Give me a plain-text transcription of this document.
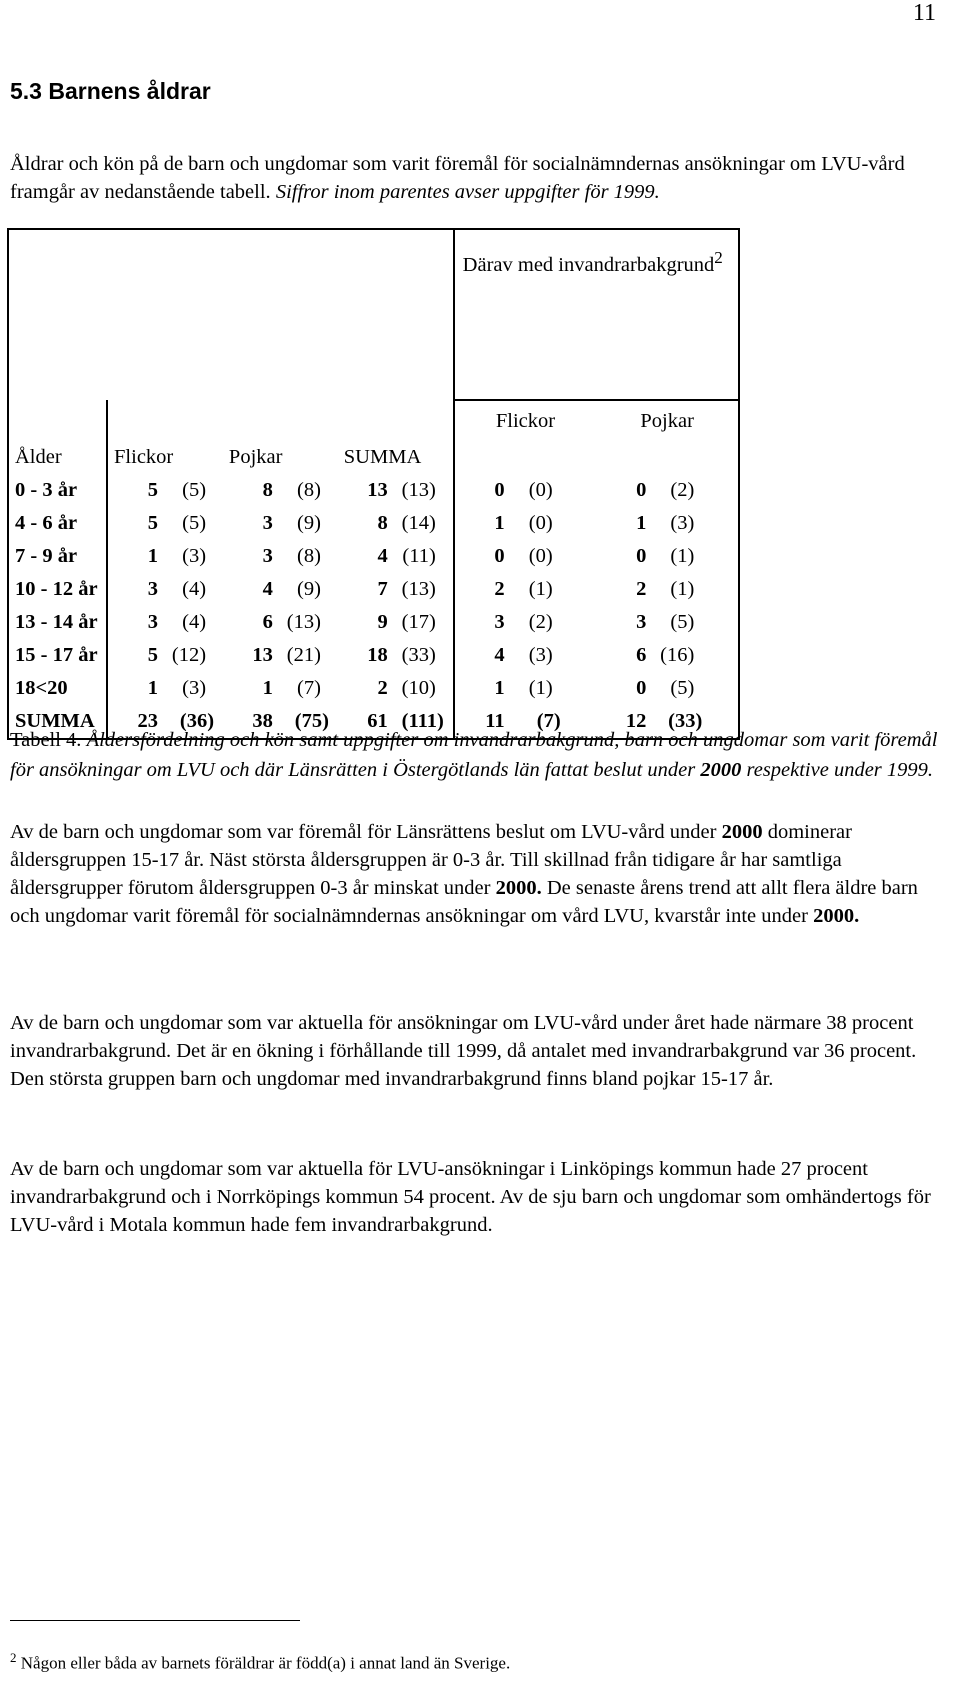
11
5.3 Barnens åldrar

Åldrar och kön på de barn och ungdomar som varit föremål för socialnämndernas ansökningar om LVU-vård framgår av nedanstående tabell. Siffror inom parentes avser uppgifter för 1999.

				Därav med invandrarbakgrund$^2$
				Flickor	Pojkar
Ålder	Flickor	Pojkar	SUMMA		
0 - 3 år	5 (5)	8 (8)	13 (13)	0 (0)	0 (2)
4 - 6 år	5 (5)	3 (9)	8 (14)	1 (0)	1 (3)
7 - 9 år	1 (3)	3 (8)	4 (11)	0 (0)	0 (1)
10 - 12 år	3 (4)	4 (9)	7 (13)	2 (1)	2 (1)
13 - 14 år	3 (4)	6 (13)	9 (17)	3 (2)	3 (5)
15 - 17 år	5 (12)	13 (21)	18 (33)	4 (3)	6 (16)
18<20	1 (3)	1 (7)	2 (10)	1 (1)	0 (5)
SUMMA	23 (36)	38 (75)	61 (111)	11 (7)	12 (33)

Tabell 4. Åldersfördelning och kön samt uppgifter om invandrarbakgrund, barn och ungdomar som varit föremål för ansökningar om LVU och där Länsrätten i Östergötlands län fattat beslut under 2000 respektive under 1999.

Av de barn och ungdomar som var föremål för Länsrättens beslut om LVU-vård under 2000 dominerar åldersgruppen 15-17 år. Näst största åldersgruppen är 0-3 år. Till skillnad från tidigare år har samtliga åldersgrupper förutom åldersgruppen 0-3 år minskat under 2000. De senaste årens trend att allt flera äldre barn och ungdomar varit föremål för socialnämndernas ansökningar om vård LVU, kvarstår inte under 2000.

Av de barn och ungdomar som var aktuella för ansökningar om LVU-vård under året hade närmare 38 procent invandrarbakgrund. Det är en ökning i förhållande till 1999, då antalet med invandrarbakgrund var 36 procent. Den största gruppen barn och ungdomar med invandrarbakgrund finns bland pojkar 15-17 år.

Av de barn och ungdomar som var aktuella för LVU-ansökningar i Linköpings kommun hade 27 procent invandrarbakgrund och i Norrköpings kommun 54 procent. Av de sju barn och ungdomar som omhändertogs för LVU-vård i Motala kommun hade fem invandrarbakgrund.

$^2$ Någon eller båda av barnets föräldrar är född(a) i annat land än Sverige.
